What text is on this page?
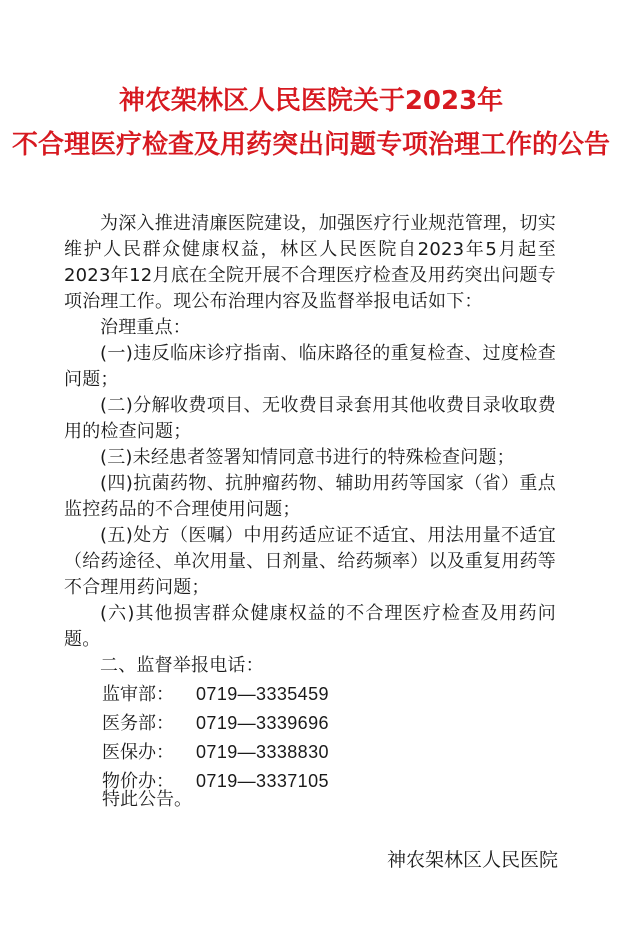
神农架林区人民医院关于2023年
不合理医疗检查及用药突出问题专项治理工作的公告

为深入推进清廉医院建设，加强医疗行业规范管理，切实维护人民群众健康权益，林区人民医院自2023年5月起至2023年12月底在全院开展不合理医疗检查及用药突出问题专项治理工作。现公布治理内容及监督举报电话如下：

治理重点：

(一)违反临床诊疗指南、临床路径的重复检查、过度检查问题；

(二)分解收费项目、无收费目录套用其他收费目录收取费用的检查问题；

(三)未经患者签署知情同意书进行的特殊检查问题；

(四)抗菌药物、抗肿瘤药物、辅助用药等国家（省）重点监控药品的不合理使用问题；

(五)处方（医嘱）中用药适应证不适宜、用法用量不适宜（给药途径、单次用量、日剂量、给药频率）以及重复用药等不合理用药问题；

(六)其他损害群众健康权益的不合理医疗检查及用药问题。

二、监督举报电话：

监审部：	0719—3335459
医务部：	0719—3339696
医保办：	0719—3338830
物价办：	0719—3337105
特此公告。
神农架林区人民医院
